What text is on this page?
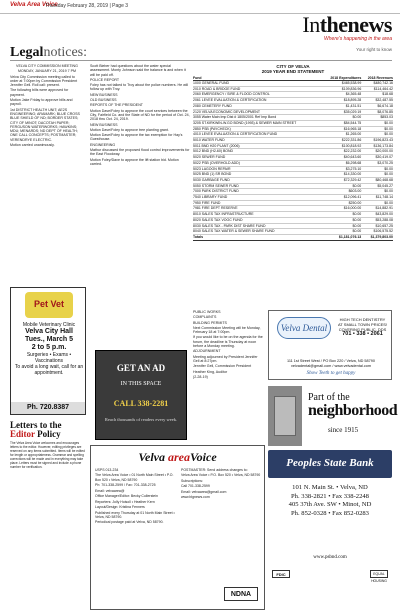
Velva Area Voice
Thursday February 28, 2019 | Page 3
Inthenews
Where's happening in the area
Legalnotices:	Your right to know

VELVA CITY COMMISSION MEETING

MONDAY, JANUARY 21, 2019 7 PM

Velva City Commission meeting called to order at 7:00pm by Commission President Jennifer Gell. Roll call: present.

The following bills were approved for payment.

Motion Jake Friday to approve bills and payroll.

1st DISTRICT HEALTH UNIT; AE2S ENGINEERING; ARAMARK; BLUE CROSS BLUE SHIELD OF ND; BORDER STATES; CITY OF MINOT; DACOTAH PAPER; FERGUSON WATERWORKS; HAWKINS; MDU; MENARDS; ND DEPT OF HEALTH; ONE CALL CONCEPTS; POSTMASTER; VERENDRYE ELECTRIC.

Motion carried unanimously.

Pet Vet
Mobile Veterinary Clinic
Velva City Hall
Tues., March 5
2 to 5 p.m.
Surgeries • Exams • Vaccinations
To avoid a long wait, call for an appointment.
Ph. 720.8387
Letters to the
Editor Policy
The Velva Area Voice welcomes and encourages letters to the editor. However, editing privileges are reserved on any items submitted. Items will be edited for length or appropriateness. Grammar and spelling corrections will be made and in everything may take place. Letters must be signed and include a phone number for verification.

Scott Bieber had questions about the water special assessment. Monty Johnson said the balance is and when it will be paid off.

POLICE REPORT

Foley has not talked to Troy about the police numbers. He will follow up with Troy.

NEW BUSINESS

OLD BUSINESS

REPORTS OF THE PRESIDENT

Motion Dave/Foley to approve the court services between the City, Fairfield Co. and the State of ND for the period of Oct. 24, 2018 thru Oct. 24, 2019.

NEW BUSINESS

Motion Dave/Foley to approve tree planting grant.

Motion Dave/Foley to approve the tax exemption for Hay's Guesthouse.

ENGINEERING

Mathur discussed the proposed flood control improvements for the East Floodway.

Motion Foley/Dave to approve the lift station bid. Motion carried.

GET AN AD
IN THIS SPACE
CALL 338-2281
Reach thousands of readers every week.
CITY OF VELVA
2019 YEAR END STATEMENT
Fund	2018 Expenditures	2018 Revenues
1000 GENERAL FUND	$465,538.99	$480,742.16
2010 ROAD & BRIDGE FUND	$109,836.96	$114,464.42
2060 EMERGENCY / SIRE & FLOOD CONTROL	$4,365.48	$18.68
2061 LEVEE EVALUATION & CERTIFICATION	$18,895.28	$32,487.55
2080 CEMETERY FUND	$1,431.51	$6,674.18
2120 VELVA ECONOMIC DEVELOPMENT	$35,029.19	$8,076.85
3055 Water Main Imp Dist # 1805/2001 Ref Imp Bond	$0.00	$853.03
3205 ST.KIRKWIN-W.GO BOND (1993) & SEWER MAIN STREET	$84,544.75	$0.00
2850 PSB (PAYCHECK)	$16,965.18	$0.00
4010 LEVEE EVALUATION & CERTIFICATION FUND	$1,265.00	$0.00
5010 WATER FUND	$222,331.86	$196,823.43
5011 BND H20 PLANT (2006)	$100,818.92	$136,173.84
5012 BND (H2-60) BOND	$22,232.00	$20,000.00
5020 SEWER FUND	$40,643.60	$30,419.07
5022 PSB (OVERHOLD ADD)	$6,298.68	$3,070.25
5023 LAGOON REPAIR	$3,275.10	$0.00
5025 BND (1) SR BOND	$14,330.00	$0.00
5030 GARBAGE FUND	$72,329.42	$80,468.68
5050 STORM SEWER FUND	$0.00	$5,045.27
7000 PARK DISTRICT FUND	$603.00	$0.00
7540 LIBRARY FUND	$12,096.41	$11,748.14
7950 FIRE FUND	$250.00	$0.00
7981 FIRE DEPT RESERVE	$16,000.00	$14,882.91
8010 SALES TAX INFRASTRUCTURE	$0.00	$43,829.00
8020 SALES TAX VOOC FUND	$0.00	$53,288.08
8030 SALES TAX - PARK DIST SHARE FUND	$0.00	$10,657.25
8040 SALES TAX WATER & SEWER SHARE FUND	$0.00	$106,575.52
Totals	$1,181,076.13	$1,379,803.00

PUBLIC WORKS

COMPLAINTS

BUILDING PERMITS

Next Commission Meeting will be Monday, February 18 at 7:00pm.

If you would like to be on the agenda for the forum, the deadline is Thursday at noon before a Monday meeting.

ADJOURNMENT

Meeting adjourned by President Jennifer Gell at 8:27pm.

Jennifer Gell, Commission President

Heather King, Auditor

(2-28-19)

Velva Dental
HIGH TECH DENTISTRY
AT SMALL TOWN PRICES!
COVERING PUBLIC, DDS
701 • 338 • 2061
111 1st Street West / PO Box 220 / Velva, ND 58790
velvadental@gmail.com / www.velvadental.com
Show Teeth to get happy
Part of the
neighborhood
since 1915
Peoples State Bank
101 N. Main St. • Velva, ND
Ph. 338-2821 • Fax 338-2248
405 37th Ave. SW • Minot, ND
Ph. 852-0328 • Fax 852-0283
www.psbnd.com
FDIC	EQUAL HOUSING
Velva areaVoice

USPS 013-234

The Velva Area Voice • 01 North Main Street • P.O. Box 520 • Velva, ND 58790

Ph: 701-338-2599 / Fax: 701-338-2725

Email: velvaarea@

Office Manager/Editor: Becky Cullerstein

Reporters: Jolly Hoisoll • Heather Kern

Layout/Design: Kristina Fenners

Published every Thursday at 01 North Main Street • Velva, ND 58790.

Periodical postage paid at Velva, ND 58790.

POSTMASTER: Send address changes to:

Velva Area Voice • P.O. Box 520 • Velva, ND 58790

Subscriptions:

Call 701-338-2599

Email: velvaarea@gmail.com

www.blgnews.com

NDNA
